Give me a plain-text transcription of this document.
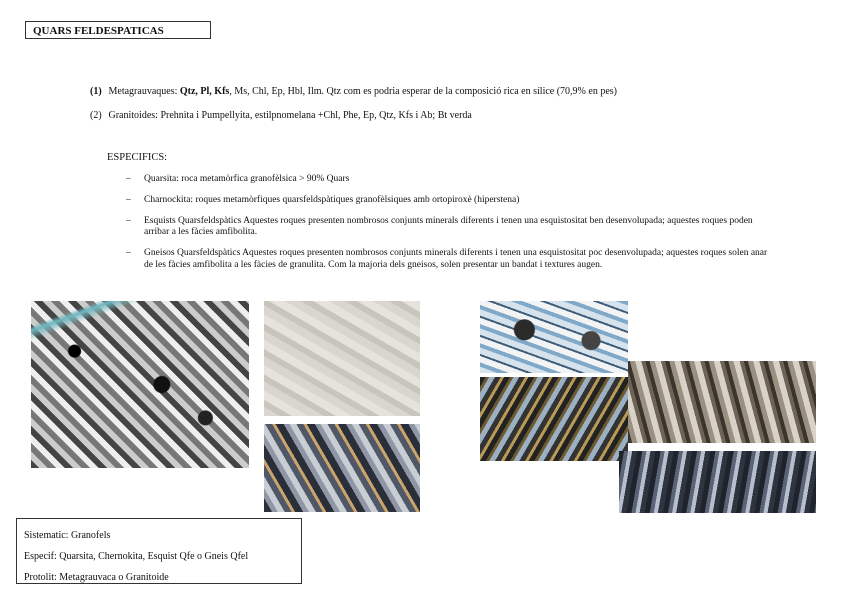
QUARS FELDESPATICAS
(1) Metagrauvaques: Qtz, Pl, Kfs, Ms, Chl, Ep, Hbl, Ilm. Qtz com es podria esperar de la composició rica en sílice (70,9% en pes)
(2) Granitoides: Prehnita i Pumpellyita, estilpnomelana +Chl, Phe, Ep, Qtz, Kfs i Ab; Bt verda
ESPECIFICS:
– Quarsita: roca metamòrfica granofèlsica > 90% Quars
– Charnockita: roques metamòrfiques quarsfeldspàtiques granofèlsiques amb ortopiroxè (hiperstena)
– Esquists Quarsfeldspàtics Aquestes roques presenten nombrosos conjunts minerals diferents i tenen una esquistositat ben desenvolupada; aquestes roques poden arribar a les fàcies amfibolita.
– Gneisos Quarsfeldspàtics Aquestes roques presenten nombrosos conjunts minerals diferents i tenen una esquistositat poc desenvolupada; aquestes roques solen anar de les fàcies amfibolita a les fàcies de granulita. Com la majoria dels gneisos, solen presentar un bandat i textures augen.
Sistematic: Granofels
Especif: Quarsita, Chernokita, Esquist Qfe o Gneis Qfel
Protolit: Metagrauvaca o Granitoide
